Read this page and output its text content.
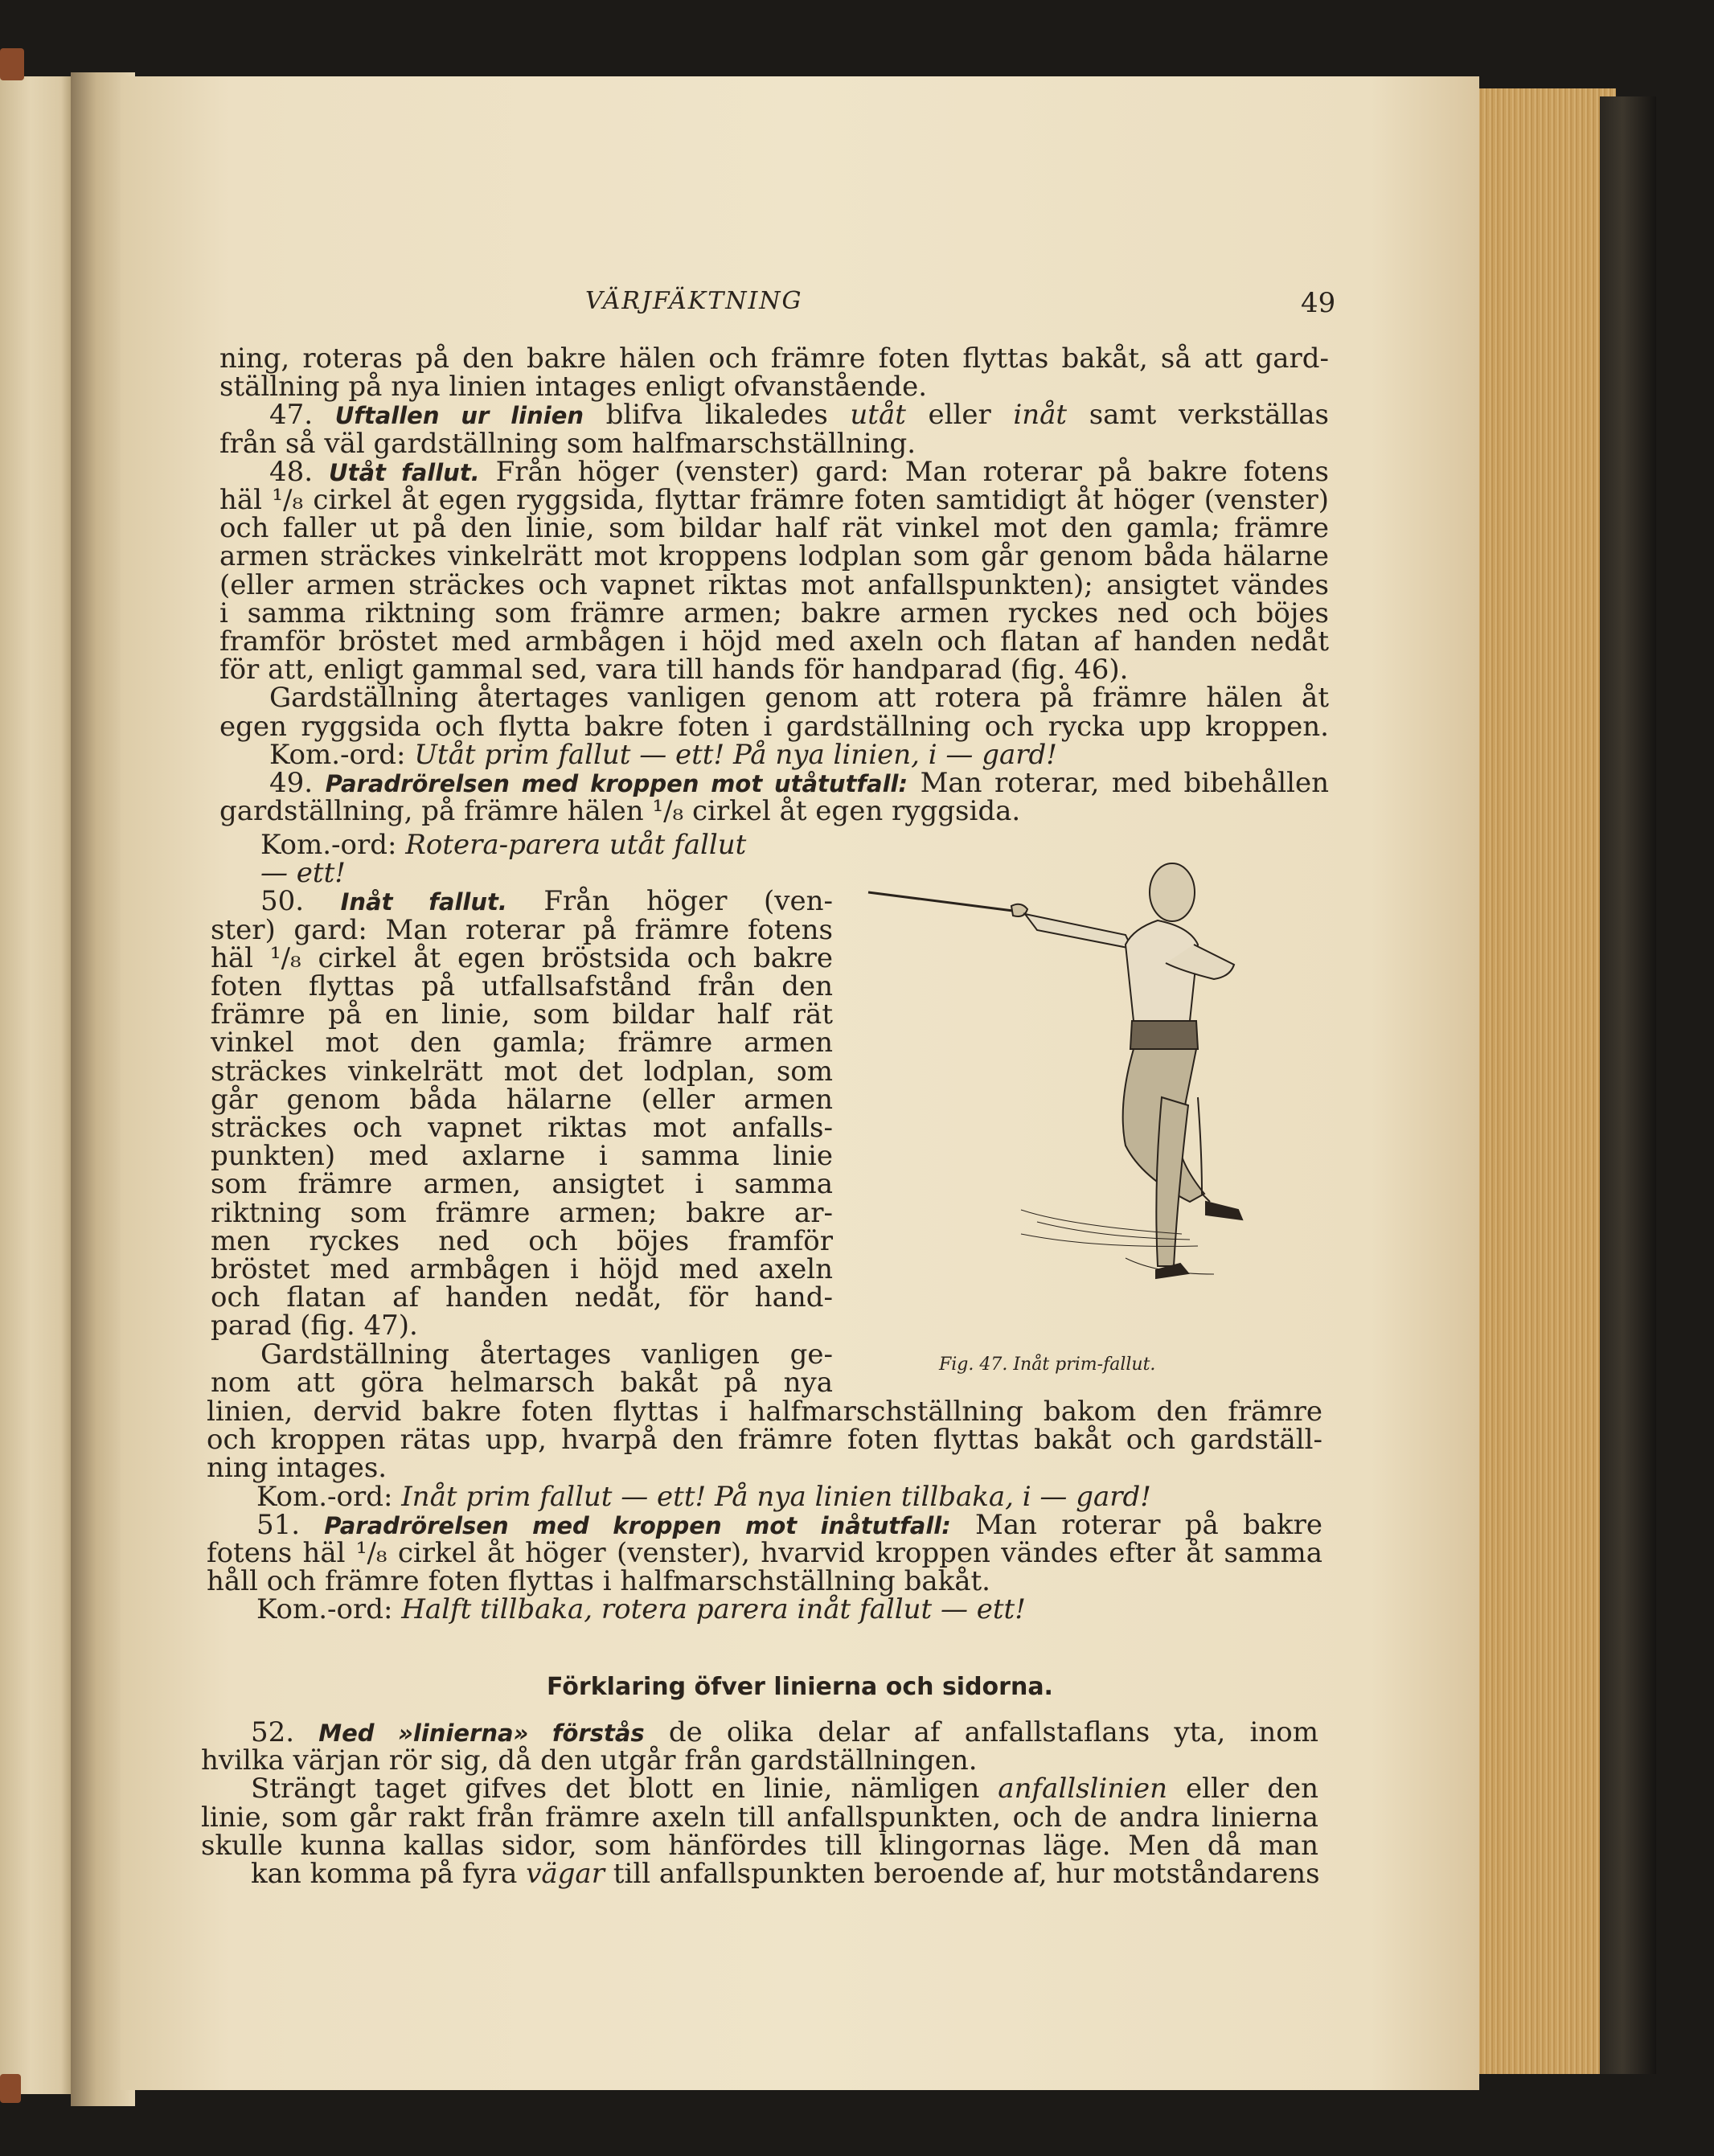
VÄRJFÄKTNING	49
ning, roteras på den bakre hälen och främre foten flyttas bakåt, så att gard-
ställning på nya linien intages enligt ofvanstående.
47. Uftallen ur linien blifva likaledes utåt eller inåt samt verkställas
från så väl gardställning som halfmarschställning.
48. Utåt fallut. Från höger (venster) gard: Man roterar på bakre fotens
häl ¹/₈ cirkel åt egen ryggsida, flyttar främre foten samtidigt åt höger (venster)
och faller ut på den linie, som bildar half rät vinkel mot den gamla; främre
armen sträckes vinkelrätt mot kroppens lodplan som går genom båda hälarne
(eller armen sträckes och vapnet riktas mot anfallspunkten); ansigtet vändes
i samma riktning som främre armen; bakre armen ryckes ned och böjes
framför bröstet med armbågen i höjd med axeln och flatan af handen nedåt
för att, enligt gammal sed, vara till hands för handparad (fig. 46).
Gardställning återtages vanligen genom att rotera på främre hälen åt
egen ryggsida och flytta bakre foten i gardställning och rycka upp kroppen.
Kom.-ord: Utåt prim fallut — ett! På nya linien, i — gard!
49. Paradrörelsen med kroppen mot utåtutfall: Man roterar, med bibehållen
gardställning, på främre hälen ¹/₈ cirkel åt egen ryggsida.
Kom.-ord: Rotera-parera utåt fallut
— ett!
50. Inåt fallut. Från höger (ven-
ster) gard: Man roterar på främre fotens
häl ¹/₈ cirkel åt egen bröstsida och bakre
foten flyttas på utfallsafstånd från den
främre på en linie, som bildar half rät
vinkel mot den gamla; främre armen
sträckes vinkelrätt mot det lodplan, som
går genom båda hälarne (eller armen
sträckes och vapnet riktas mot anfalls-
punkten) med axlarne i samma linie
som främre armen, ansigtet i samma
riktning som främre armen; bakre ar-
men ryckes ned och böjes framför
bröstet med armbågen i höjd med axeln
och flatan af handen nedåt, för hand-
parad (fig. 47).
Gardställning återtages vanligen ge-
nom att göra helmarsch bakåt på nya
linien, dervid bakre foten flyttas i halfmarschställning bakom den främre
och kroppen rätas upp, hvarpå den främre foten flyttas bakåt och gardställ-
ning intages.
Kom.-ord: Inåt prim fallut — ett! På nya linien tillbaka, i — gard!
51. Paradrörelsen med kroppen mot inåtutfall: Man roterar på bakre
fotens häl ¹/₈ cirkel åt höger (venster), hvarvid kroppen vändes efter åt samma
håll och främre foten flyttas i halfmarschställning bakåt.
Kom.-ord: Halft tillbaka, rotera parera inåt fallut — ett!
52. Med »linierna» förstås de olika delar af anfallstaflans yta, inom
hvilka värjan rör sig, då den utgår från gardställningen.
Strängt taget gifves det blott en linie, nämligen anfallslinien eller den
linie, som går rakt från främre axeln till anfallspunkten, och de andra linierna
skulle kunna kallas sidor, som hänfördes till klingornas läge. Men då man
kan komma på fyra vägar till anfallspunkten beroende af, hur motståndarens
Fig. 47. Inåt prim-fallut.
Förklaring öfver linierna och sidorna.
